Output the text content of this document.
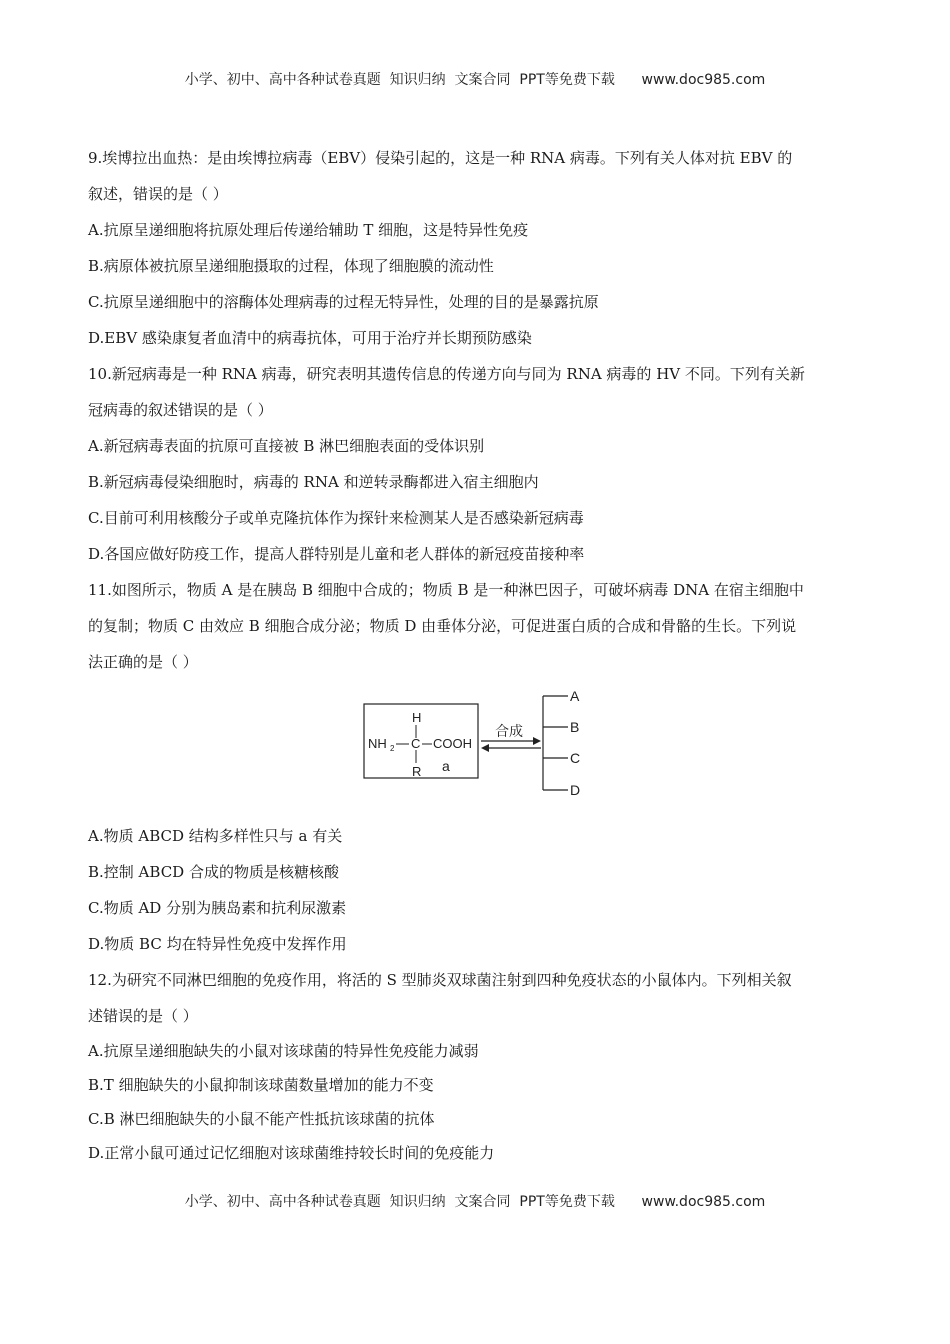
小学、初中、高中各种试卷真题  知识归纳  文案合同  PPT等免费下载      www.doc985.com
9.埃博拉出血热：是由埃博拉病毒（EBV）侵染引起的，这是一种 RNA 病毒。下列有关人体对抗 EBV 的
叙述，错误的是（ ）
A.抗原呈递细胞将抗原处理后传递给辅助 T 细胞，这是特异性免疫
B.病原体被抗原呈递细胞摄取的过程，体现了细胞膜的流动性
C.抗原呈递细胞中的溶酶体处理病毒的过程无特异性，处理的目的是暴露抗原
D.EBV 感染康复者血清中的病毒抗体，可用于治疗并长期预防感染
10.新冠病毒是一种 RNA 病毒，研究表明其遗传信息的传递方向与同为 RNA 病毒的 HV 不同。下列有关新
冠病毒的叙述错误的是（ ）
A.新冠病毒表面的抗原可直接被 B 淋巴细胞表面的受体识别
B.新冠病毒侵染细胞时，病毒的 RNA 和逆转录酶都进入宿主细胞内
C.目前可利用核酸分子或单克隆抗体作为探针来检测某人是否感染新冠病毒
D.各国应做好防疫工作，提高人群特别是儿童和老人群体的新冠疫苗接种率
11.如图所示，物质 A 是在胰岛 B 细胞中合成的；物质 B 是一种淋巴因子，可破坏病毒 DNA 在宿主细胞中
的复制；物质 C 由效应 B 细胞合成分泌；物质 D 由垂体分泌，可促进蛋白质的合成和骨骼的生长。下列说
法正确的是（ ）
H
NH 2 C COOH
R a
合成
A
B
C
D
A.物质 ABCD 结构多样性只与 a 有关
B.控制 ABCD 合成的物质是核糖核酸
C.物质 AD 分别为胰岛素和抗利尿激素
D.物质 BC 均在特异性免疫中发挥作用
12.为研究不同淋巴细胞的免疫作用，将活的 S 型肺炎双球菌注射到四种免疫状态的小鼠体内。下列相关叙
述错误的是（ ）
A.抗原呈递细胞缺失的小鼠对该球菌的特异性免疫能力减弱
B.T 细胞缺失的小鼠抑制该球菌数量增加的能力不变
C.B 淋巴细胞缺失的小鼠不能产性抵抗该球菌的抗体
D.正常小鼠可通过记忆细胞对该球菌维持较长时间的免疫能力
小学、初中、高中各种试卷真题  知识归纳  文案合同  PPT等免费下载      www.doc985.com
